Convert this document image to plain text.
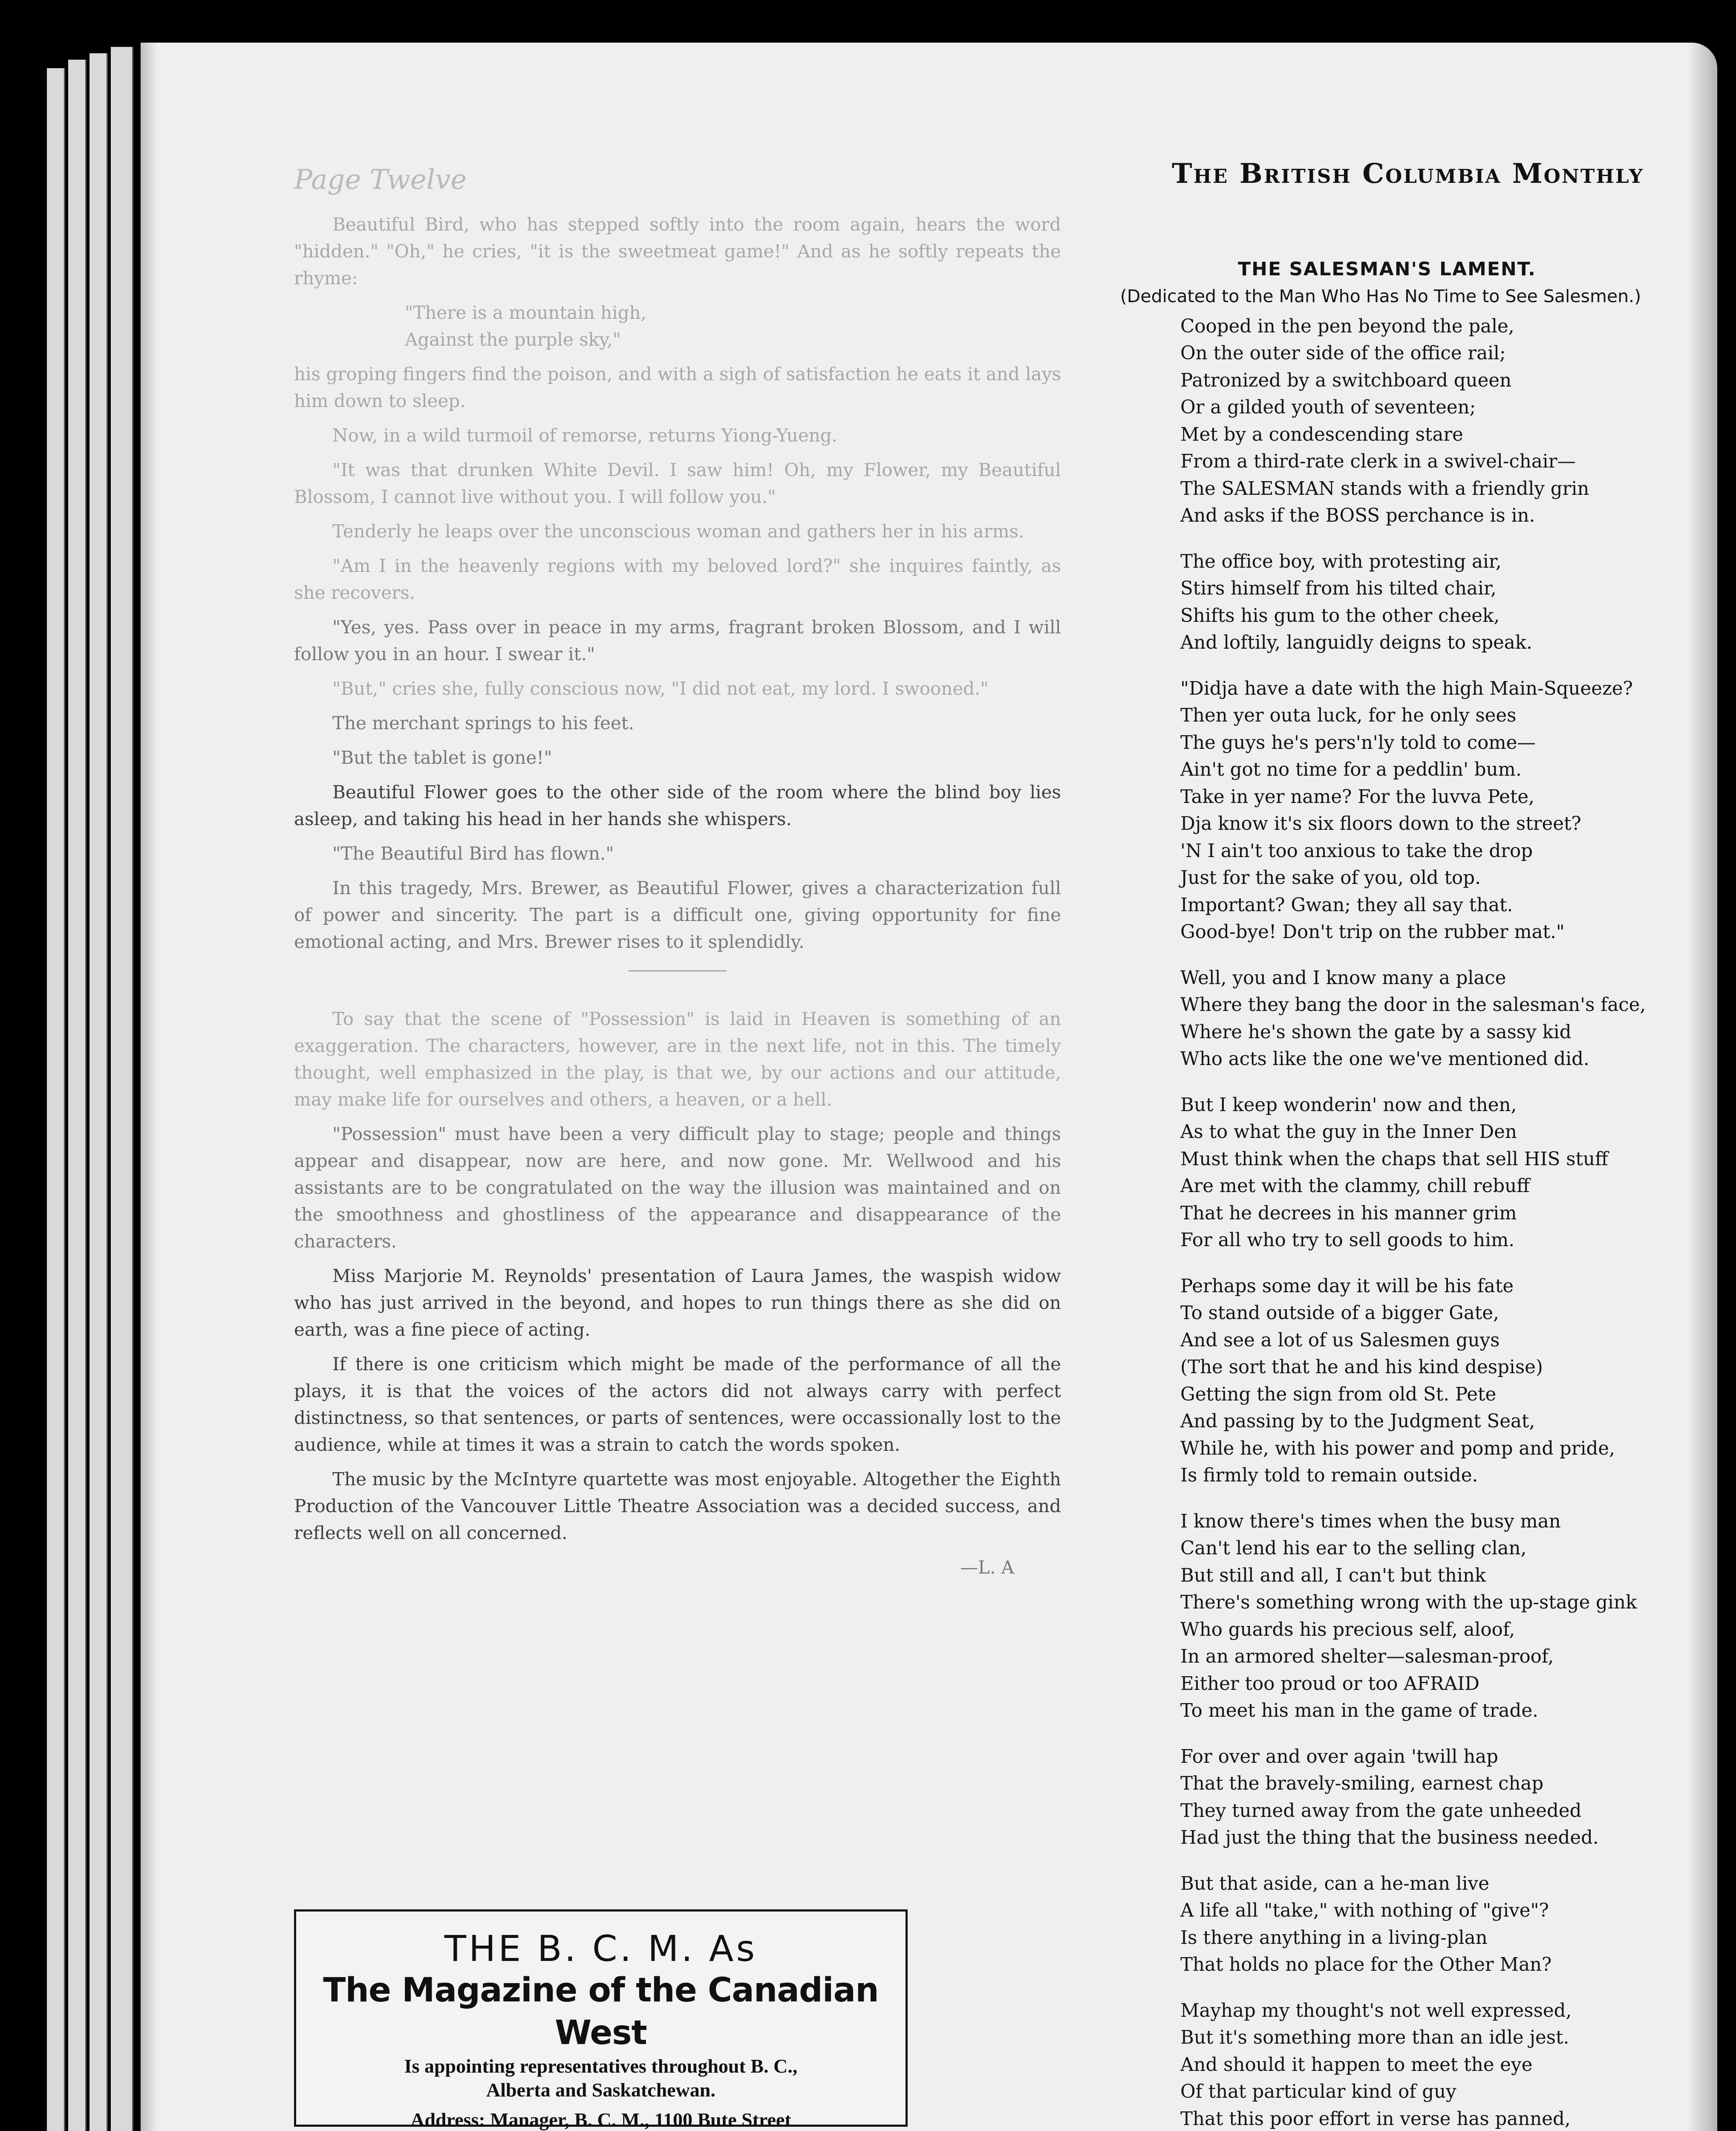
Page Twelve	The British Columbia Monthly

Beautiful Bird, who has stepped softly into the room again, hears the word "hidden." "Oh," he cries, "it is the sweetmeat game!" And as he softly repeats the rhyme:

"There is a mountain high,
Against the purple sky,"

his groping fingers find the poison, and with a sigh of satisfaction he eats it and lays him down to sleep.

Now, in a wild turmoil of remorse, returns Yiong-Yueng.

"It was that drunken White Devil. I saw him! Oh, my Flower, my Beautiful Blossom, I cannot live without you. I will follow you."

Tenderly he leaps over the unconscious woman and gathers her in his arms.

"Am I in the heavenly regions with my beloved lord?" she inquires faintly, as she recovers.

"Yes, yes. Pass over in peace in my arms, fragrant broken Blossom, and I will follow you in an hour. I swear it."

"But," cries she, fully conscious now, "I did not eat, my lord. I swooned."

The merchant springs to his feet.

"But the tablet is gone!"

Beautiful Flower goes to the other side of the room where the blind boy lies asleep, and taking his head in her hands she whispers.

"The Beautiful Bird has flown."

In this tragedy, Mrs. Brewer, as Beautiful Flower, gives a characterization full of power and sincerity. The part is a difficult one, giving opportunity for fine emotional acting, and Mrs. Brewer rises to it splendidly.

To say that the scene of "Possession" is laid in Heaven is something of an exaggeration. The characters, however, are in the next life, not in this. The timely thought, well emphasized in the play, is that we, by our actions and our attitude, may make life for ourselves and others, a heaven, or a hell.

"Possession" must have been a very difficult play to stage; people and things appear and disappear, now are here, and now gone. Mr. Wellwood and his assistants are to be congratulated on the way the illusion was maintained and on the smoothness and ghostliness of the appearance and disappearance of the characters.

Miss Marjorie M. Reynolds' presentation of Laura James, the waspish widow who has just arrived in the beyond, and hopes to run things there as she did on earth, was a fine piece of acting.

If there is one criticism which might be made of the performance of all the plays, it is that the voices of the actors did not always carry with perfect distinctness, so that sentences, or parts of sentences, were occassionally lost to the audience, while at times it was a strain to catch the words spoken.

The music by the McIntyre quartette was most enjoyable. Altogether the Eighth Production of the Vancouver Little Theatre Association was a decided success, and reflects well on all concerned.

—L. A
THE B. C. M. As
The Magazine of the Canadian West
Is appointing representatives throughout B. C.,
Alberta and Saskatchewan.
Address: Manager, B. C. M., 1100 Bute Street
THE SALESMAN'S LAMENT.
(Dedicated to the Man Who Has No Time to See Salesmen.)
Cooped in the pen beyond the pale,
On the outer side of the office rail;
Patronized by a switchboard queen
Or a gilded youth of seventeen;
Met by a condescending stare
From a third-rate clerk in a swivel-chair—
The SALESMAN stands with a friendly grin
And asks if the BOSS perchance is in.
The office boy, with protesting air,
Stirs himself from his tilted chair,
Shifts his gum to the other cheek,
And loftily, languidly deigns to speak.
"Didja have a date with the high Main-Squeeze?
Then yer outa luck, for he only sees
The guys he's pers'n'ly told to come—
Ain't got no time for a peddlin' bum.
Take in yer name? For the luvva Pete,
Dja know it's six floors down to the street?
'N I ain't too anxious to take the drop
Just for the sake of you, old top.
Important? Gwan; they all say that.
Good-bye! Don't trip on the rubber mat."
Well, you and I know many a place
Where they bang the door in the salesman's face,
Where he's shown the gate by a sassy kid
Who acts like the one we've mentioned did.
But I keep wonderin' now and then,
As to what the guy in the Inner Den
Must think when the chaps that sell HIS stuff
Are met with the clammy, chill rebuff
That he decrees in his manner grim
For all who try to sell goods to him.
Perhaps some day it will be his fate
To stand outside of a bigger Gate,
And see a lot of us Salesmen guys
(The sort that he and his kind despise)
Getting the sign from old St. Pete
And passing by to the Judgment Seat,
While he, with his power and pomp and pride,
Is firmly told to remain outside.
I know there's times when the busy man
Can't lend his ear to the selling clan,
But still and all, I can't but think
There's something wrong with the up-stage gink
Who guards his precious self, aloof,
In an armored shelter—salesman-proof,
Either too proud or too AFRAID
To meet his man in the game of trade.
For over and over again 'twill hap
That the bravely-smiling, earnest chap
They turned away from the gate unheeded
Had just the thing that the business needed.
But that aside, can a he-man live
A life all "take," with nothing of "give"?
Is there anything in a living-plan
That holds no place for the Other Man?
Mayhap my thought's not well expressed,
But it's something more than an idle jest.
And should it happen to meet the eye
Of that particular kind of guy
That this poor effort in verse has panned,
